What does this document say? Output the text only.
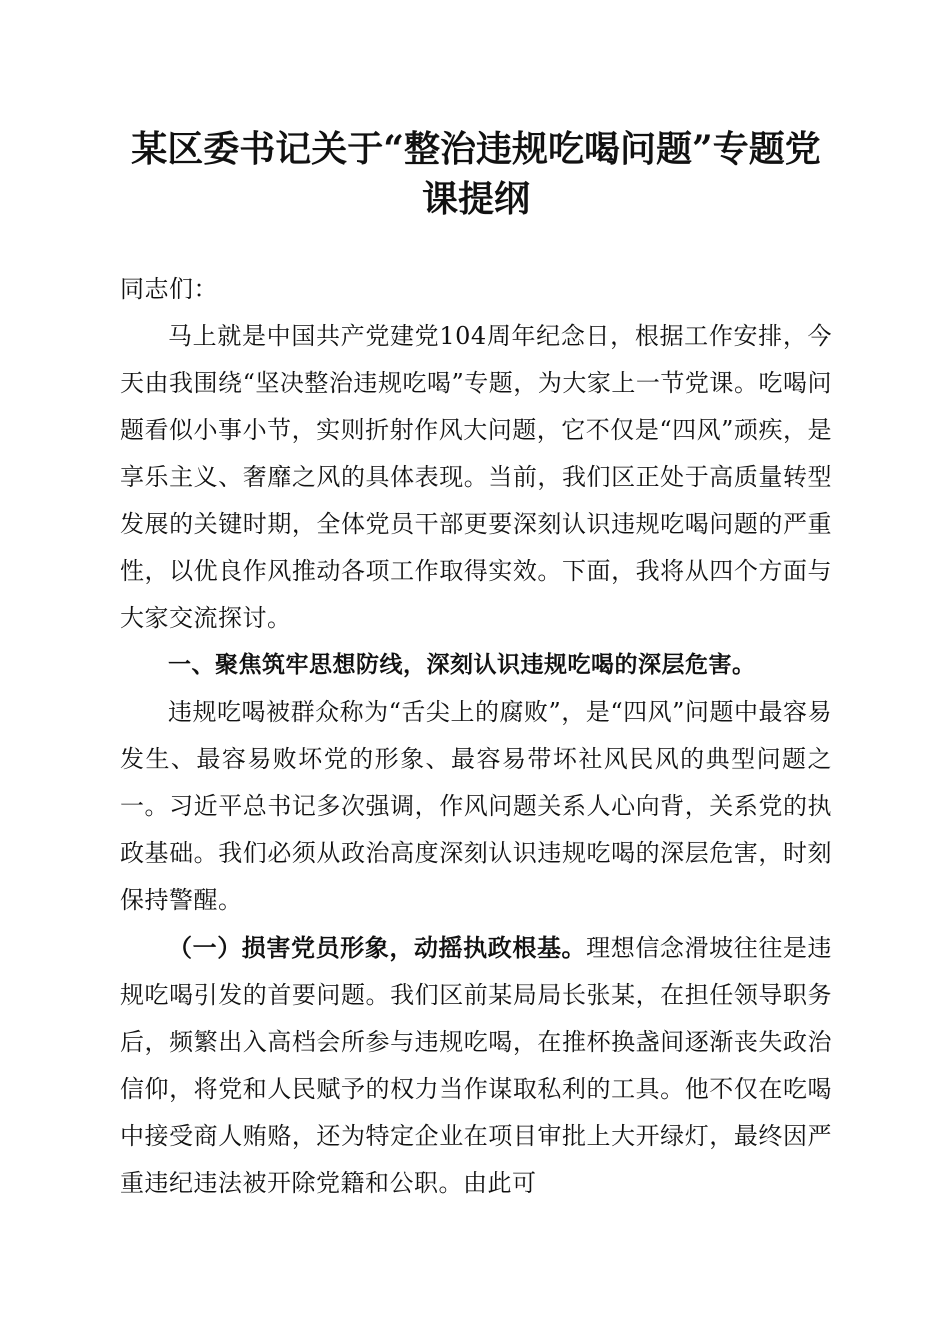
某区委书记关于“整治违规吃喝问题”专题党
课提纲

同志们：

马上就是中国共产党建党104周年纪念日，根据工作安排，今天由我围绕“坚决整治违规吃喝”专题，为大家上一节党课。吃喝问题看似小事小节，实则折射作风大问题，它不仅是“四风”顽疾，是享乐主义、奢靡之风的具体表现。当前，我们区正处于高质量转型发展的关键时期，全体党员干部更要深刻认识违规吃喝问题的严重性，以优良作风推动各项工作取得实效。下面，我将从四个方面与大家交流探讨。

一、聚焦筑牢思想防线，深刻认识违规吃喝的深层危害。

违规吃喝被群众称为“舌尖上的腐败”，是“四风”问题中最容易发生、最容易败坏党的形象、最容易带坏社风民风的典型问题之一。习近平总书记多次强调，作风问题关系人心向背，关系党的执政基础。我们必须从政治高度深刻认识违规吃喝的深层危害，时刻保持警醒。

（一）损害党员形象，动摇执政根基。理想信念滑坡往往是违规吃喝引发的首要问题。我们区前某局局长张某，在担任领导职务后，频繁出入高档会所参与违规吃喝，在推杯换盏间逐渐丧失政治信仰，将党和人民赋予的权力当作谋取私利的工具。他不仅在吃喝中接受商人贿赂，还为特定企业在项目审批上大开绿灯，最终因严重违纪违法被开除党籍和公职。由此可
